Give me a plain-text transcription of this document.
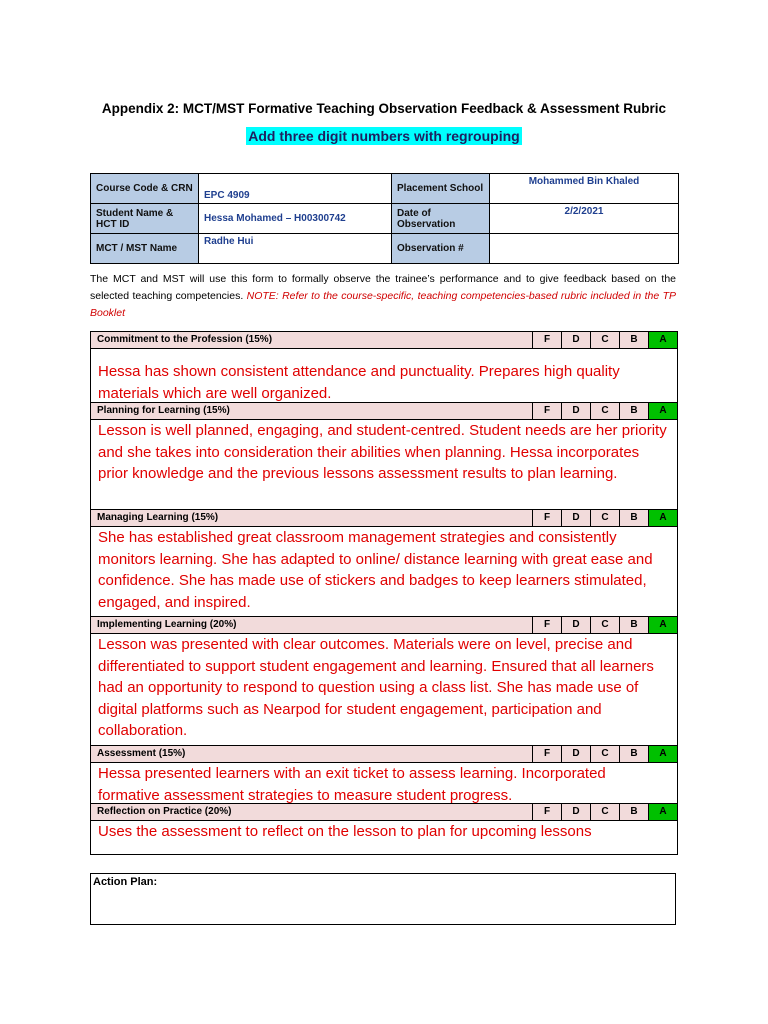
Appendix 2: MCT/MST Formative Teaching Observation Feedback & Assessment Rubric
Add three digit numbers with regrouping
Course Code & CRN	EPC 4909	Placement School	Mohammed Bin Khaled
Student Name & HCT ID	Hessa Mohamed – H00300742	Date of Observation	2/2/2021
MCT / MST Name	Radhe Hui	Observation #	
The MCT and MST will use this form to formally observe the trainee’s performance and to give feedback based on the selected teaching competencies. NOTE: Refer to the course-specific, teaching competencies-based rubric included in the TP Booklet
Commitment to the Profession (15%)	F	D	C	B	A
Hessa has shown consistent attendance and punctuality. Prepares high quality materials which are well organized.
Planning for Learning (15%)	F	D	C	B	A
Lesson is well planned, engaging, and student-centred. Student needs are her priority and she takes into consideration their abilities when planning. Hessa incorporates prior knowledge and the previous lessons assessment results to plan learning.
Managing Learning (15%)	F	D	C	B	A
She has established great classroom management strategies and consistently monitors learning. She has adapted to online/ distance learning with great ease and confidence. She has made use of stickers and badges to keep learners stimulated, engaged, and inspired.
Implementing Learning (20%)	F	D	C	B	A
Lesson was presented with clear outcomes. Materials were on level, precise and differentiated to support student engagement and learning. Ensured that all learners had an opportunity to respond to question using a class list. She has made use of digital platforms such as Nearpod for student engagement, participation and collaboration.
Assessment (15%)	F	D	C	B	A
Hessa presented learners with an exit ticket to assess learning. Incorporated formative assessment strategies to measure student progress.
Reflection on Practice (20%)	F	D	C	B	A
Uses the assessment to reflect on the lesson to plan for upcoming lessons
Action Plan:
